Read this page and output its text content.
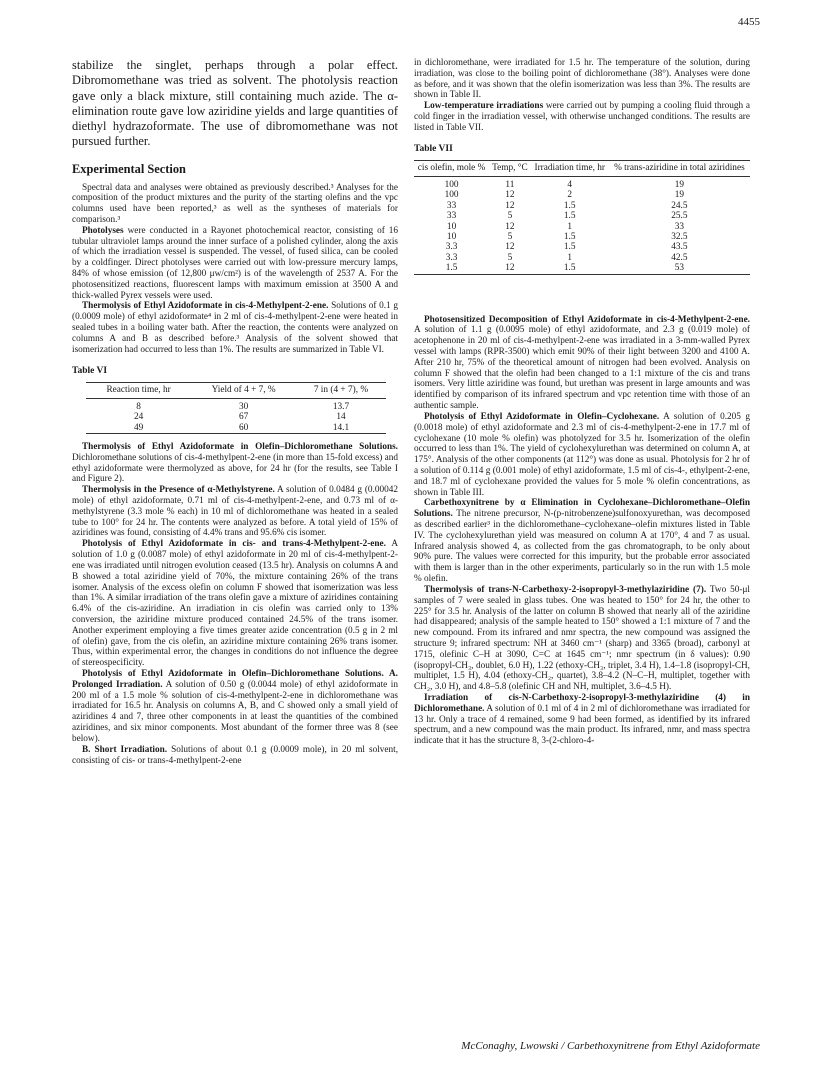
4455

stabilize the singlet, perhaps through a polar effect. Dibromomethane was tried as solvent. The photolysis reaction gave only a black mixture, still containing much azide. The α-elimination route gave low aziridine yields and large quantities of diethyl hydrazoformate. The use of dibromomethane was not pursued further.

Experimental Section

Spectral data and analyses were obtained as previously described.³ Analyses for the composition of the product mixtures and the purity of the starting olefins and the vpc columns used have been reported,³ as well as the syntheses of materials for comparison.³

Photolyses were conducted in a Rayonet photochemical reactor, consisting of 16 tubular ultraviolet lamps around the inner surface of a polished cylinder, along the axis of which the irradiation vessel is suspended. The vessel, of fused silica, can be cooled by a coldfinger. Direct photolyses were carried out with low-pressure mercury lamps, 84% of whose emission (of 12,800 μw/cm²) is of the wavelength of 2537 A. For the photosensitized reactions, fluorescent lamps with maximum emission at 3500 A and thick-walled Pyrex vessels were used.

Thermolysis of Ethyl Azidoformate in cis-4-Methylpent-2-ene. Solutions of 0.1 g (0.0009 mole) of ethyl azidoformate⁴ in 2 ml of cis-4-methylpent-2-ene were heated in sealed tubes in a boiling water bath. After the reaction, the contents were analyzed on columns A and B as described before.³ Analysis of the solvent showed that isomerization had occurred to less than 1%. The results are summarized in Table VI.

Table VI
Reaction time, hr	Yield of 4 + 7, %	7 in (4 + 7), %
8	30	13.7
24	67	14
49	60	14.1

Thermolysis of Ethyl Azidoformate in Olefin–Dichloromethane Solutions. Dichloromethane solutions of cis-4-methylpent-2-ene (in more than 15-fold excess) and ethyl azidoformate were thermolyzed as above, for 24 hr (for the results, see Table I and Figure 2).

Thermolysis in the Presence of α-Methylstyrene. A solution of 0.0484 g (0.00042 mole) of ethyl azidoformate, 0.71 ml of cis-4-methylpent-2-ene, and 0.73 ml of α-methylstyrene (3.3 mole % each) in 10 ml of dichloromethane was heated in a sealed tube to 100° for 24 hr. The contents were analyzed as before. A total yield of 15% of aziridines was found, consisting of 4.4% trans and 95.6% cis isomer.

Photolysis of Ethyl Azidoformate in cis- and trans-4-Methylpent-2-ene. A solution of 1.0 g (0.0087 mole) of ethyl azidoformate in 20 ml of cis-4-methylpent-2-ene was irradiated until nitrogen evolution ceased (13.5 hr). Analysis on columns A and B showed a total aziridine yield of 70%, the mixture containing 26% of the trans isomer. Analysis of the excess olefin on column F showed that isomerization was less than 1%. A similar irradiation of the trans olefin gave a mixture of aziridines containing 6.4% of the cis-aziridine. An irradiation in cis olefin was carried only to 13% conversion, the aziridine mixture produced contained 24.5% of the trans isomer. Another experiment employing a five times greater azide concentration (0.5 g in 2 ml of olefin) gave, from the cis olefin, an aziridine mixture containing 26% trans isomer. Thus, within experimental error, the changes in conditions do not influence the degree of stereospecificity.

Photolysis of Ethyl Azidoformate in Olefin–Dichloromethane Solutions. A. Prolonged Irradiation. A solution of 0.50 g (0.0044 mole) of ethyl azidoformate in 200 ml of a 1.5 mole % solution of cis-4-methylpent-2-ene in dichloromethane was irradiated for 16.5 hr. Analysis on columns A, B, and C showed only a small yield of aziridines 4 and 7, three other components in at least the quantities of the combined aziridines, and six minor components. Most abundant of the former three was 8 (see below).

B. Short Irradiation. Solutions of about 0.1 g (0.0009 mole), in 20 ml solvent, consisting of cis- or trans-4-methylpent-2-ene

in dichloromethane, were irradiated for 1.5 hr. The temperature of the solution, during irradiation, was close to the boiling point of dichloromethane (38°). Analyses were done as before, and it was shown that the olefin isomerization was less than 3%. The results are shown in Table II.

Low-temperature irradiations were carried out by pumping a cooling fluid through a cold finger in the irradiation vessel, with otherwise unchanged conditions. The results are listed in Table VII.

Table VII
cis olefin, mole %	Temp, °C	Irradiation time, hr	% trans-aziridine in total aziridines
100	11	4	19
100	12	2	19
33	12	1.5	24.5
33	5	1.5	25.5
10	12	1	33
10	5	1.5	32.5
3.3	12	1.5	43.5
3.3	5	1	42.5
1.5	12	1.5	53

Photosensitized Decomposition of Ethyl Azidoformate in cis-4-Methylpent-2-ene. A solution of 1.1 g (0.0095 mole) of ethyl azidoformate, and 2.3 g (0.019 mole) of acetophenone in 20 ml of cis-4-methylpent-2-ene was irradiated in a 3-mm-walled Pyrex vessel with lamps (RPR-3500) which emit 90% of their light between 3200 and 4100 A. After 210 hr, 75% of the theoretical amount of nitrogen had been evolved. Analysis on column F showed that the olefin had been changed to a 1:1 mixture of the cis and trans isomers. Very little aziridine was found, but urethan was present in large amounts and was identified by comparison of its infrared spectrum and vpc retention time with those of an authentic sample.

Photolysis of Ethyl Azidoformate in Olefin–Cyclohexane. A solution of 0.205 g (0.0018 mole) of ethyl azidoformate and 2.3 ml of cis-4-methylpent-2-ene in 17.7 ml of cyclohexane (10 mole % olefin) was photolyzed for 3.5 hr. Isomerization of the olefin occurred to less than 1%. The yield of cyclohexylurethan was determined on column A, at 175°. Analysis of the other components (at 112°) was done as usual. Photolysis for 2 hr of a solution of 0.114 g (0.001 mole) of ethyl azidoformate, 1.5 ml of cis-4-, ethylpent-2-ene, and 18.7 ml of cyclohexane provided the values for 5 mole % olefin concentrations, as shown in Table III.

Carbethoxynitrene by α Elimination in Cyclohexane–Dichloromethane–Olefin Solutions. The nitrene precursor, N-(p-nitrobenzene)sulfonoxyurethan, was decomposed as described earlier³ in the dichloromethane–cyclohexane–olefin mixtures listed in Table IV. The cyclohexylurethan yield was measured on column A at 170°, 4 and 7 as usual. Infrared analysis showed 4, as collected from the gas chromatograph, to be only about 90% pure. The values were corrected for this impurity, but the probable error associated with them is larger than in the other experiments, particularly so in the run with 1.5 mole % olefin.

Thermolysis of trans-N-Carbethoxy-2-isopropyl-3-methylaziridine (7). Two 50-μl samples of 7 were sealed in glass tubes. One was heated to 150° for 24 hr, the other to 225° for 3.5 hr. Analysis of the latter on column B showed that nearly all of the aziridine had disappeared; analysis of the sample heated to 150° showed a 1:1 mixture of 7 and the new compound. From its infrared and nmr spectra, the new compound was assigned the structure 9; infrared spectrum: NH at 3460 cm⁻¹ (sharp) and 3365 (broad), carbonyl at 1715, olefinic C–H at 3090, C=C at 1645 cm⁻¹; nmr spectrum (in δ values): 0.90 (isopropyl-CH₃, doublet, 6.0 H), 1.22 (ethoxy-CH₃, triplet, 3.4 H), 1.4–1.8 (isopropyl-CH, multiplet, 1.5 H), 4.04 (ethoxy-CH₂, quartet), 3.8–4.2 (N–C–H, multiplet, together with CH₂, 3.0 H), and 4.8–5.8 (olefinic CH and NH, multiplet, 3.6–4.5 H).

Irradiation of cis-N-Carbethoxy-2-isopropyl-3-methylaziridine (4) in Dichloromethane. A solution of 0.1 ml of 4 in 2 ml of dichloromethane was irradiated for 13 hr. Only a trace of 4 remained, some 9 had been formed, as identified by its infrared spectrum, and a new compound was the main product. Its infrared, nmr, and mass spectra indicate that it has the structure 8, 3-(2-chloro-4-

McConaghy, Lwowski / Carbethoxynitrene from Ethyl Azidoformate
